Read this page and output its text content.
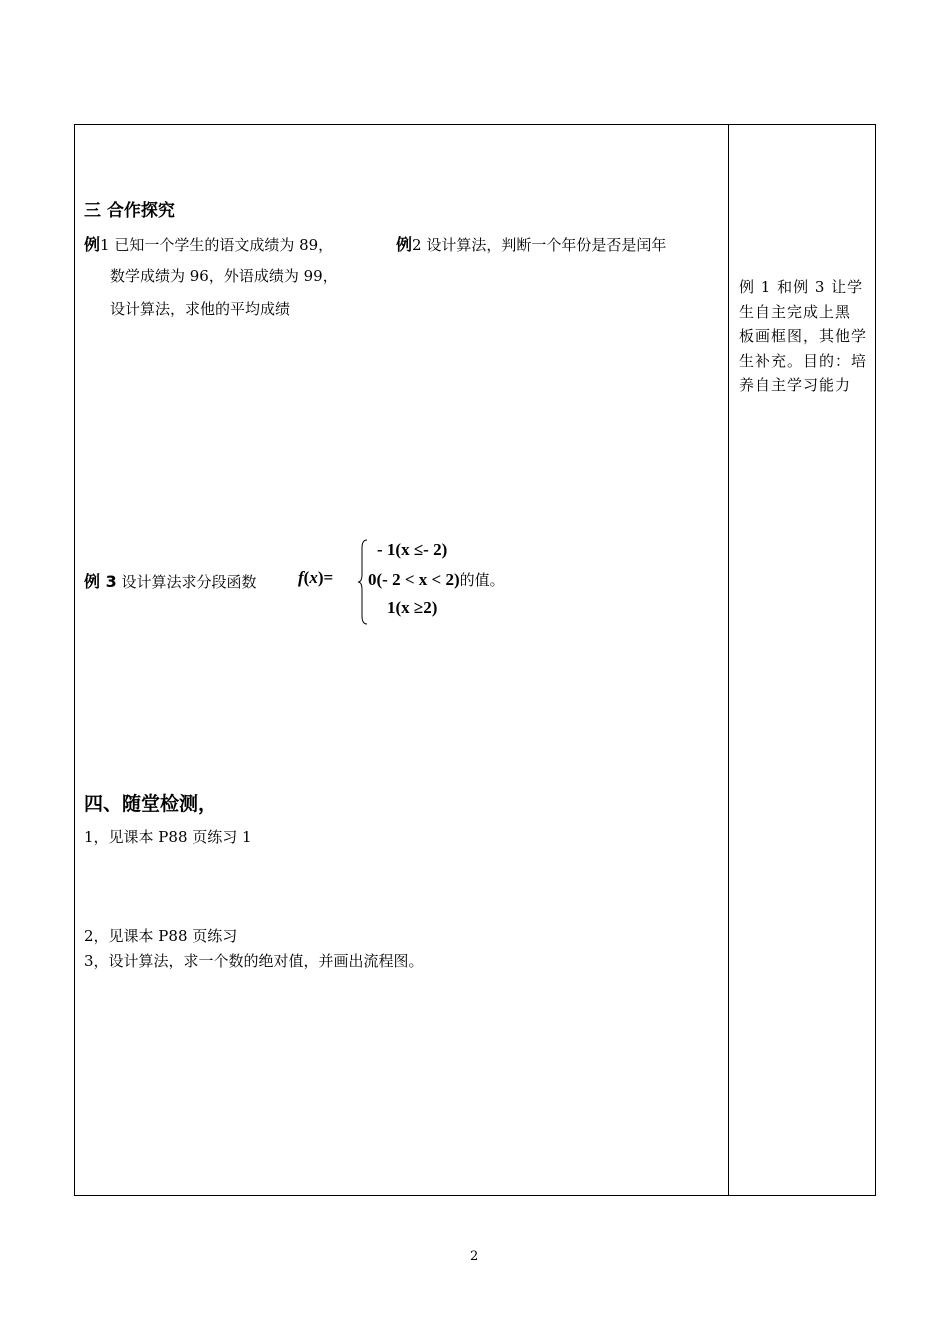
三 合作探究
例1 已知一个学生的语文成绩为 89，
数学成绩为 96，外语成绩为 99，
设计算法，求他的平均成绩
例2 设计算法，判断一个年份是否是闰年
例 3 设计算法求分段函数 f(x)=
- 1(x ≤- 2)
0(- 2 < x < 2)的值。
1(x ≥2)
四、随堂检测，
1，见课本 P88 页练习 1
2，见课本 P88 页练习
3，设计算法，求一个数的绝对值，并画出流程图。
例 1 和例 3 让学
生自主完成上黑
板画框图，其他学
生补充。目的：培
养自主学习能力
2
